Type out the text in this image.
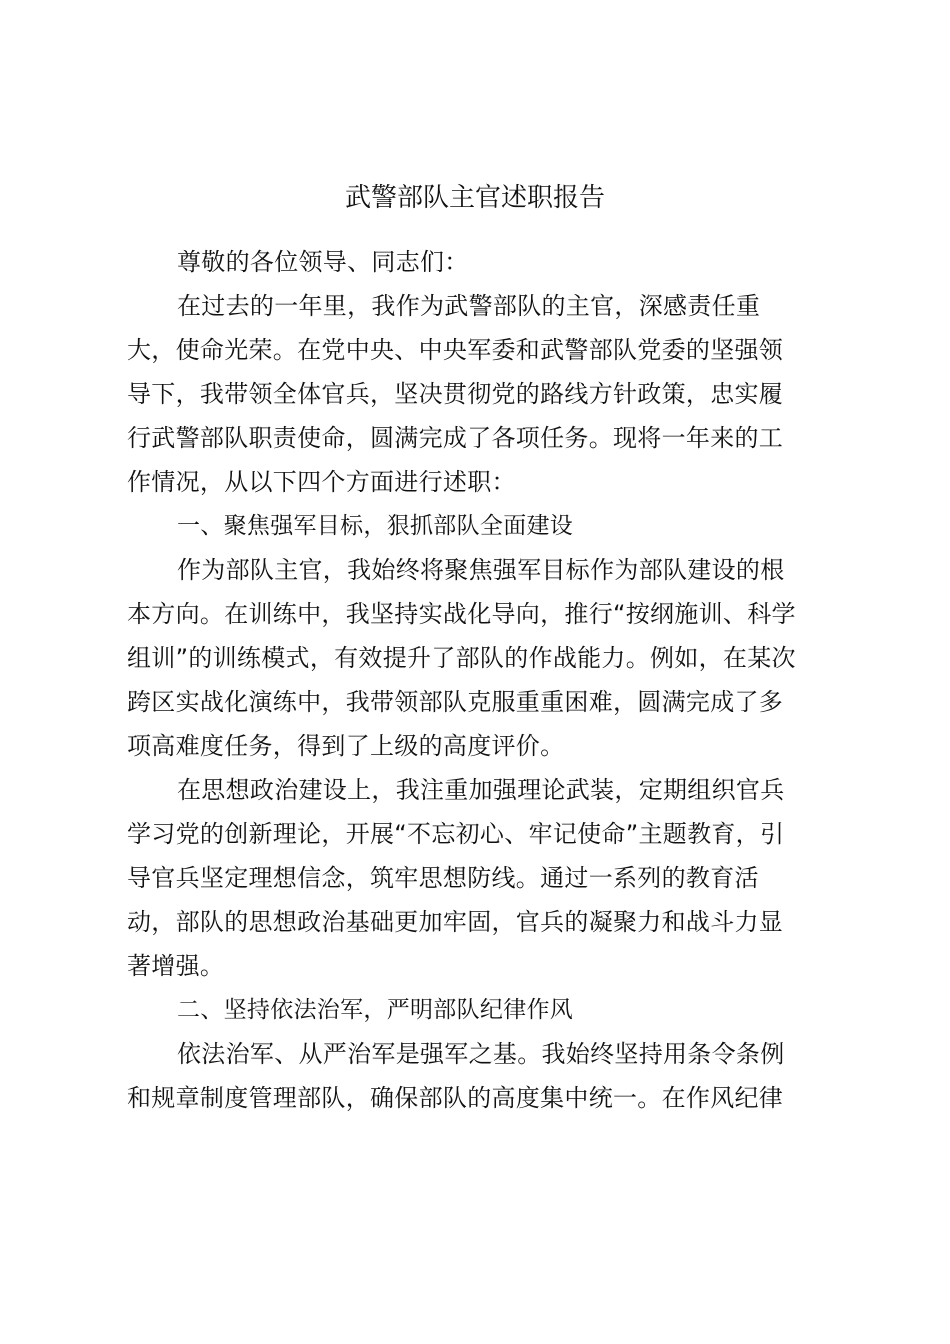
武警部队主官述职报告
尊敬的各位领导、同志们：
在过去的一年里，我作为武警部队的主官，深感责任重
大，使命光荣。在党中央、中央军委和武警部队党委的坚强领
导下，我带领全体官兵，坚决贯彻党的路线方针政策，忠实履
行武警部队职责使命，圆满完成了各项任务。现将一年来的工
作情况，从以下四个方面进行述职：
一、聚焦强军目标，狠抓部队全面建设
作为部队主官，我始终将聚焦强军目标作为部队建设的根
本方向。在训练中，我坚持实战化导向，推行“按纲施训、科学
组训”的训练模式，有效提升了部队的作战能力。例如，在某次
跨区实战化演练中，我带领部队克服重重困难，圆满完成了多
项高难度任务，得到了上级的高度评价。
在思想政治建设上，我注重加强理论武装，定期组织官兵
学习党的创新理论，开展“不忘初心、牢记使命”主题教育，引
导官兵坚定理想信念，筑牢思想防线。通过一系列的教育活
动，部队的思想政治基础更加牢固，官兵的凝聚力和战斗力显
著增强。
二、坚持依法治军，严明部队纪律作风
依法治军、从严治军是强军之基。我始终坚持用条令条例
和规章制度管理部队，确保部队的高度集中统一。在作风纪律
